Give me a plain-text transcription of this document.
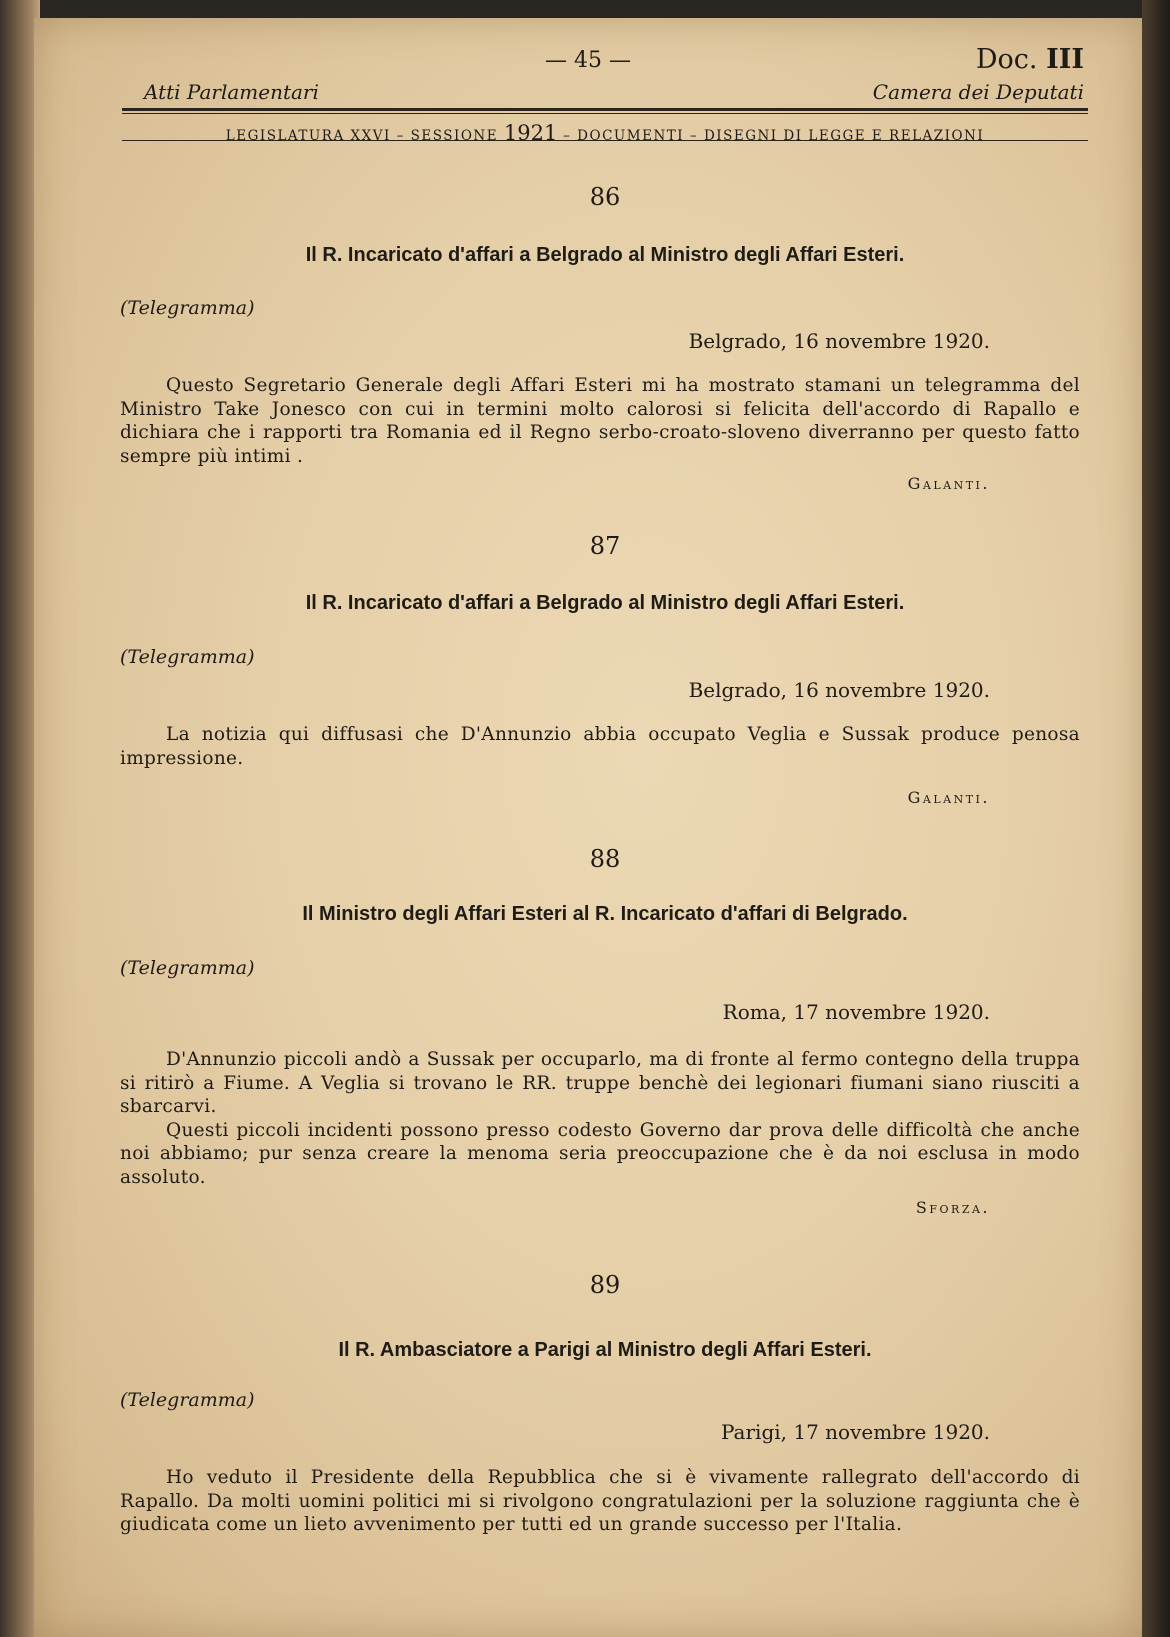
— 45 —	Doc. III
Atti Parlamentari	Camera dei Deputati
LEGISLATURA XXVI – SESSIONE 1921 – DOCUMENTI – DISEGNI DI LEGGE E RELAZIONI
86
Il R. Incaricato d'affari a Belgrado al Ministro degli Affari Esteri.
(Telegramma)
Belgrado, 16 novembre 1920.

Questo Segretario Generale degli Affari Esteri mi ha mostrato stamani un telegramma del Ministro Take Jonesco con cui in termini molto calorosi si felicita dell'accordo di Rapallo e dichiara che i rapporti tra Romania ed il Regno serbo-croato-sloveno diverranno per questo fatto sempre più intimi .

Galanti.
87
Il R. Incaricato d'affari a Belgrado al Ministro degli Affari Esteri.
(Telegramma)
Belgrado, 16 novembre 1920.

La notizia qui diffusasi che D'Annunzio abbia occupato Veglia e Sussak produce penosa impressione.

Galanti.
88
Il Ministro degli Affari Esteri al R. Incaricato d'affari di Belgrado.
(Telegramma)
Roma, 17 novembre 1920.

D'Annunzio piccoli andò a Sussak per occuparlo, ma di fronte al fermo contegno della truppa si ritirò a Fiume. A Veglia si trovano le RR. truppe benchè dei legionari fiumani siano riusciti a sbarcarvi.

Questi piccoli incidenti possono presso codesto Governo dar prova delle difficoltà che anche noi abbiamo; pur senza creare la menoma seria preoccupazione che è da noi esclusa in modo assoluto.

Sforza.
89
Il R. Ambasciatore a Parigi al Ministro degli Affari Esteri.
(Telegramma)
Parigi, 17 novembre 1920.

Ho veduto il Presidente della Repubblica che si è vivamente rallegrato dell'accordo di Rapallo. Da molti uomini politici mi si rivolgono congratulazioni per la soluzione raggiunta che è giudicata come un lieto avvenimento per tutti ed un grande successo per l'Italia.
